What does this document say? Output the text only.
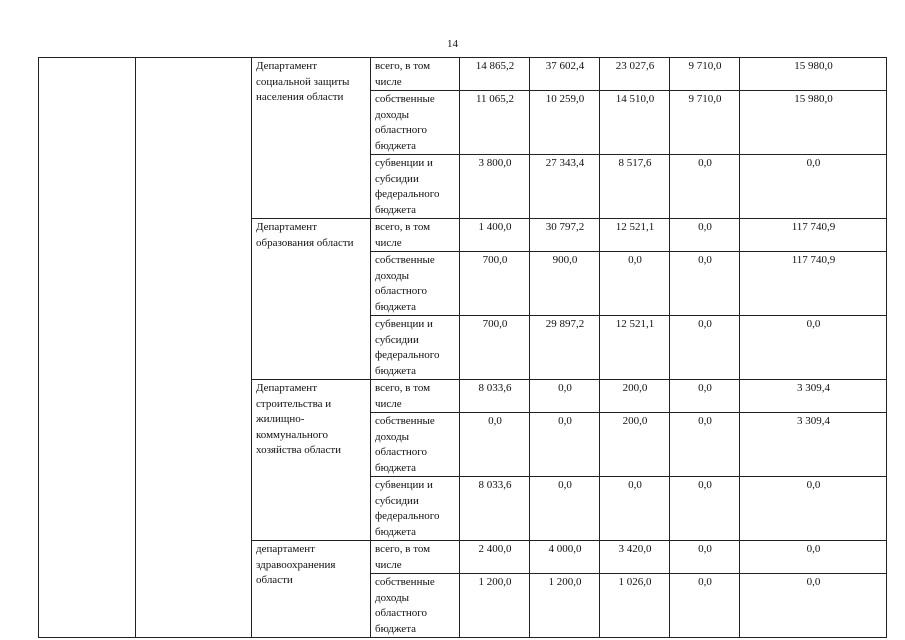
14
		Департамент социальной защиты населения области	всего, в том числе	14 865,2	37 602,4	23 027,6	9 710,0	15 980,0	
			собственные доходы областного бюджета	11 065,2	10 259,0	14 510,0	9 710,0	15 980,0	
			субвенции и субсидии федерального бюджета	3 800,0	27 343,4	8 517,6	0,0	0,0	
		Департамент образования области	всего, в том числе	1 400,0	30 797,2	12 521,1	0,0	117 740,9	
			собственные доходы областного бюджета	700,0	900,0	0,0	0,0	117 740,9	
			субвенции и субсидии федерального бюджета	700,0	29 897,2	12 521,1	0,0	0,0	
		Департамент строительства и жилищно-коммунального хозяйства области	всего, в том числе	8 033,6	0,0	200,0	0,0	3 309,4	
			собственные доходы областного бюджета	0,0	0,0	200,0	0,0	3 309,4	
			субвенции и субсидии федерального бюджета	8 033,6	0,0	0,0	0,0	0,0	
		департамент здравоохранения области	всего, в том числе	2 400,0	4 000,0	3 420,0	0,0	0,0	
			собственные доходы областного бюджета	1 200,0	1 200,0	1 026,0	0,0	0,0	
